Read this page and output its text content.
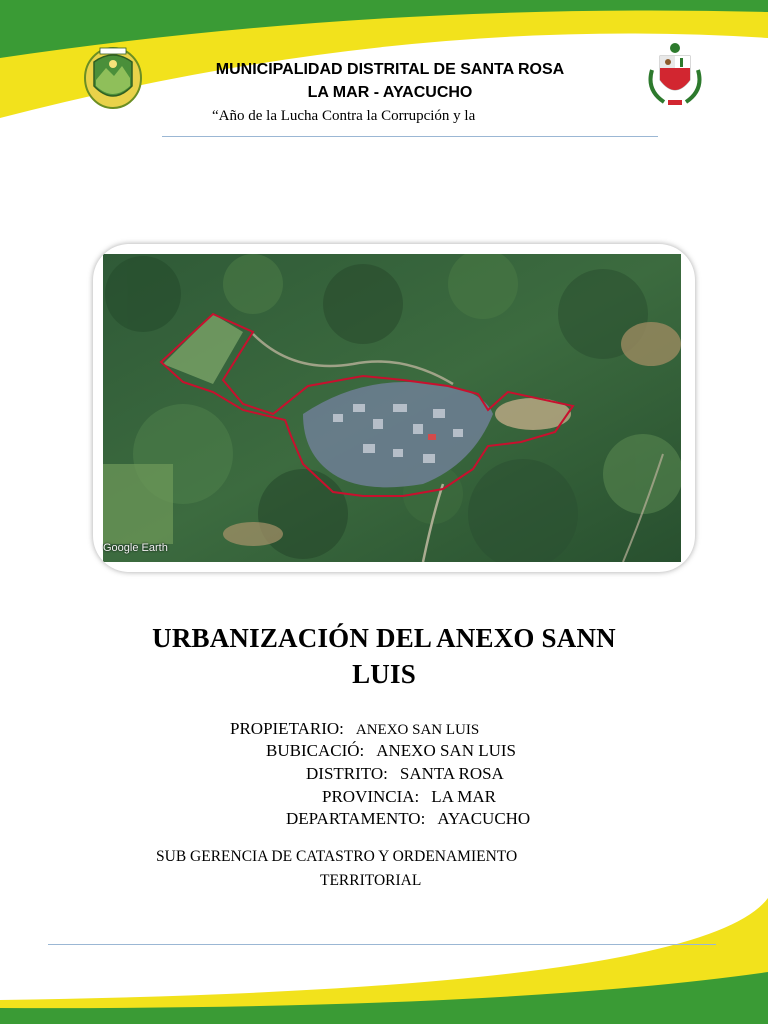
MUNICIPALIDAD DISTRITAL DE SANTA ROSA
LA MAR - AYACUCHO
“Año de la Lucha Contra la Corrupción y la
Google Earth
URBANIZACIÓN DEL ANEXO SANN
LUIS
PROPIETARIO: ANEXO SAN LUIS
BUBICACIÓ: ANEXO SAN LUIS
DISTRITO: SANTA ROSA
PROVINCIA: LA MAR
DEPARTAMENTO: AYACUCHO
SUB GERENCIA DE CATASTRO Y ORDENAMIENTO
TERRITORIAL
